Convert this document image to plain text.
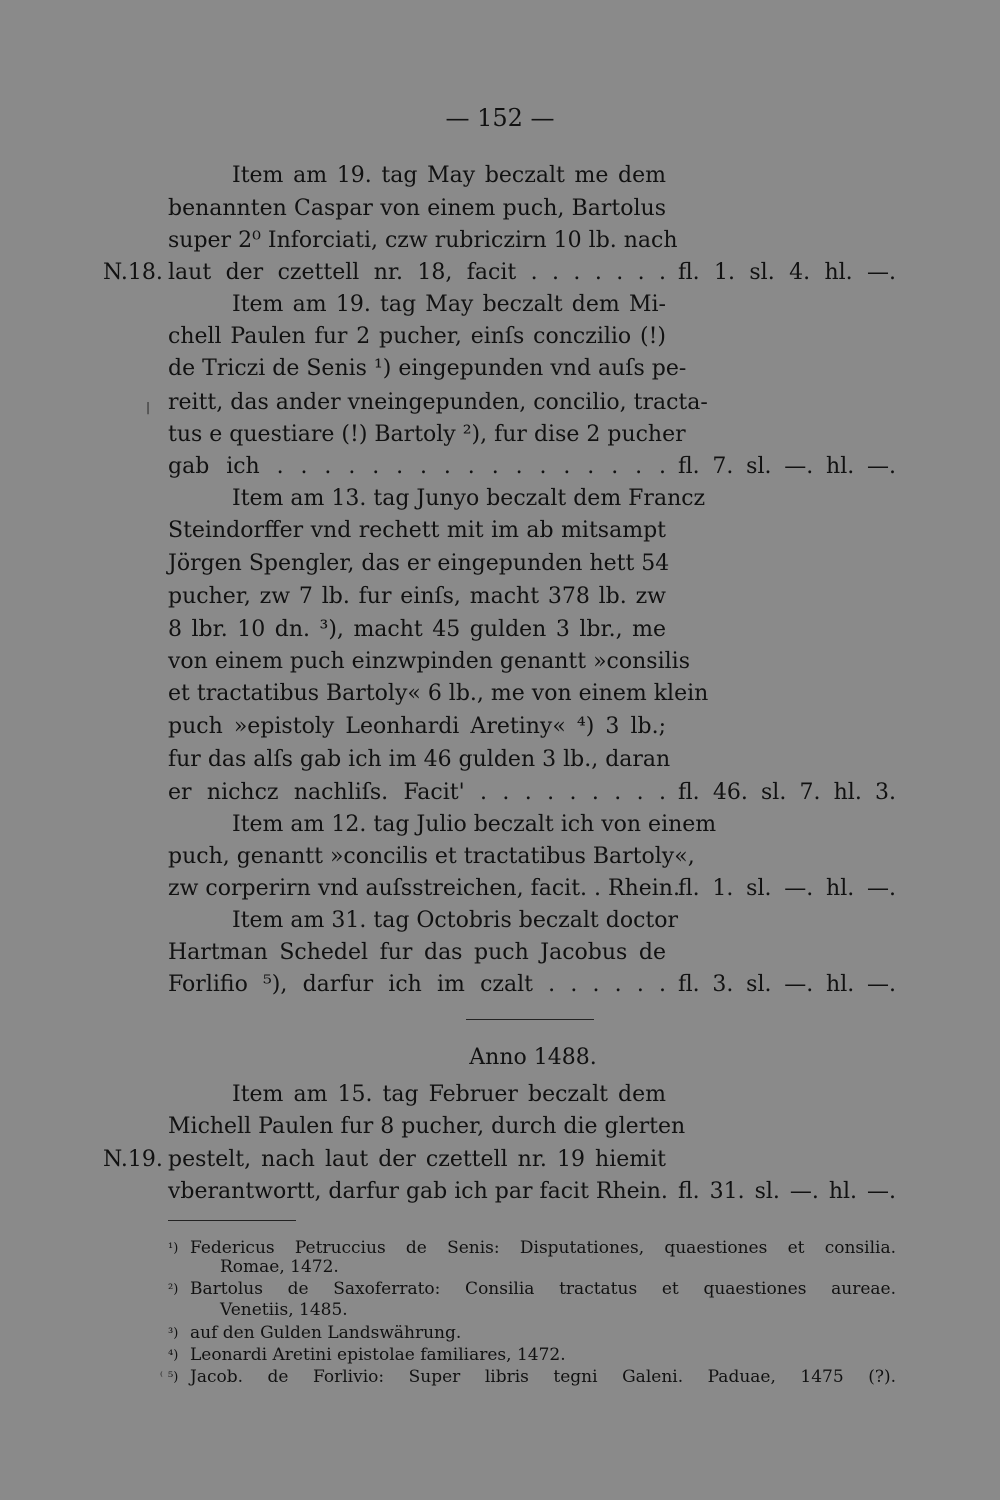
— 152 —
Item am 19. tag May beczalt me dem
benannten Caspar von einem puch, Bartolus
super 2⁰ Inforciati, czw rubriczirn 10 lb. nach
N.18. laut der czettell nr. 18, facit . . . . . . . fl. 1. sl. 4. hl. —.
Item am 19. tag May beczalt dem Mi-
chell Paulen fur 2 pucher, einſs conczilio (!)
de Triczi de Senis ¹) eingepunden vnd auſs pe-
| reitt, das ander vneingepunden, concilio, tracta-
tus e questiare (!) Bartoly ²), fur dise 2 pucher
gab ich . . . . . . . . . . . . . . . . . fl. 7. sl. —. hl. —.
Item am 13. tag Junyo beczalt dem Francz
Steindorffer vnd rechett mit im ab mitsampt
Jörgen Spengler, das er eingepunden hett 54
pucher, zw 7 lb. fur einſs, macht 378 lb. zw
8 lbr. 10 dn. ³), macht 45 gulden 3 lbr., me
von einem puch einzwpinden genantt »consilis
et tractatibus Bartoly« 6 lb., me von einem klein
puch »epistoly Leonhardi Aretiny« ⁴) 3 lb.;
fur das alſs gab ich im 46 gulden 3 lb., daran
er nichcz nachliſs. Facit' . . . . . . . . . fl. 46. sl. 7. hl. 3.
Item am 12. tag Julio beczalt ich von einem
puch, genantt »concilis et tractatibus Bartoly«,
zw corperirn vnd auſsstreichen, facit. . Rhein.
fl. 1. sl. —. hl. —.
Item am 31. tag Octobris beczalt doctor
Hartman Schedel fur das puch Jacobus de
Forlifio ⁵), darfur ich im czalt . . . . . . fl. 3. sl. —. hl. —.
Anno 1488.
Item am 15. tag Februer beczalt dem
Michell Paulen fur 8 pucher, durch die glerten
N.19. pestelt, nach laut der czettell nr. 19 hiemit
vberantwortt, darfur gab ich par facit Rhein. fl. 31. sl. —. hl. —.
¹) Federicus Petruccius de Senis: Disputationes, quaestiones et consilia.
Romae, 1472.
²) Bartolus de Saxoferrato: Consilia tractatus et quaestiones aureae.
Venetiis, 1485.
³) auf den Gulden Landswährung.
⁴) Leonardi Aretini epistolae familiares, 1472.
⁽ ⁵) Jacob. de Forlivio: Super libris tegni Galeni. Paduae, 1475 (?).
